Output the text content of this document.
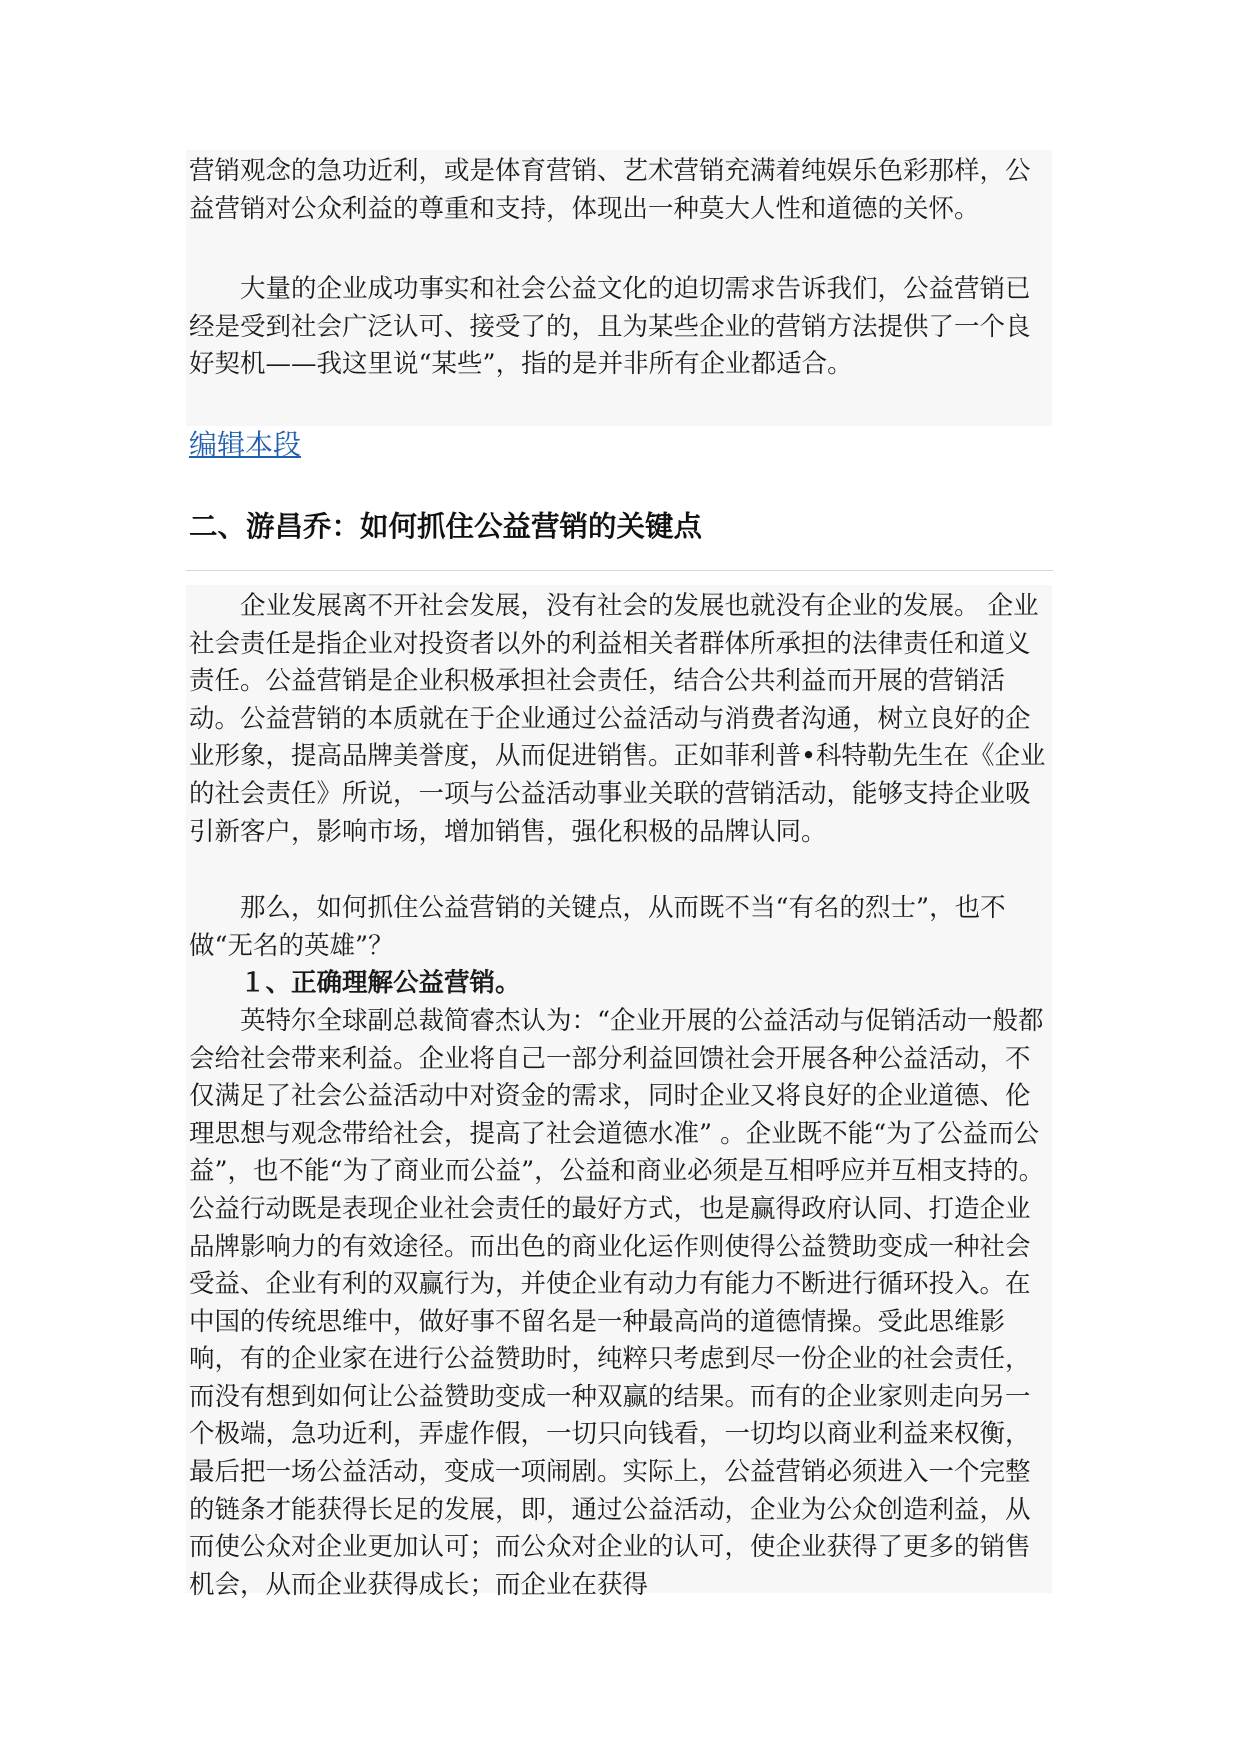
营销观念的急功近利，或是体育营销、艺术营销充满着纯娱乐色彩那样，公益营销对公众利益的尊重和支持，体现出一种莫大人性和道德的关怀。

大量的企业成功事实和社会公益文化的迫切需求告诉我们，公益营销已经是受到社会广泛认可、接受了的，且为某些企业的营销方法提供了一个良好契机——我这里说“某些”，指的是并非所有企业都适合。

编辑本段
二、游昌乔：如何抓住公益营销的关键点

企业发展离不开社会发展，没有社会的发展也就没有企业的发展。 企业社会责任是指企业对投资者以外的利益相关者群体所承担的法律责任和道义责任。公益营销是企业积极承担社会责任，结合公共利益而开展的营销活动。公益营销的本质就在于企业通过公益活动与消费者沟通，树立良好的企业形象，提高品牌美誉度，从而促进销售。正如菲利普•科特勒先生在《企业的社会责任》所说，一项与公益活动事业关联的营销活动，能够支持企业吸引新客户，影响市场，增加销售，强化积极的品牌认同。

那么，如何抓住公益营销的关键点，从而既不当“有名的烈士”，也不做“无名的英雄”？

１、正确理解公益营销。

英特尔全球副总裁简睿杰认为：“企业开展的公益活动与促销活动一般都会给社会带来利益。企业将自己一部分利益回馈社会开展各种公益活动，不仅满足了社会公益活动中对资金的需求，同时企业又将良好的企业道德、伦理思想与观念带给社会，提高了社会道德水准” 。企业既不能“为了公益而公益”，也不能“为了商业而公益”，公益和商业必须是互相呼应并互相支持的。公益行动既是表现企业社会责任的最好方式，也是赢得政府认同、打造企业品牌影响力的有效途径。而出色的商业化运作则使得公益赞助变成一种社会受益、企业有利的双赢行为，并使企业有动力有能力不断进行循环投入。在中国的传统思维中，做好事不留名是一种最高尚的道德情操。受此思维影响，有的企业家在进行公益赞助时，纯粹只考虑到尽一份企业的社会责任，而没有想到如何让公益赞助变成一种双赢的结果。而有的企业家则走向另一个极端，急功近利，弄虚作假，一切只向钱看，一切均以商业利益来权衡，最后把一场公益活动，变成一项闹剧。实际上，公益营销必须进入一个完整的链条才能获得长足的发展，即，通过公益活动，企业为公众创造利益，从而使公众对企业更加认可；而公众对企业的认可，使企业获得了更多的销售机会，从而企业获得成长；而企业在获得
